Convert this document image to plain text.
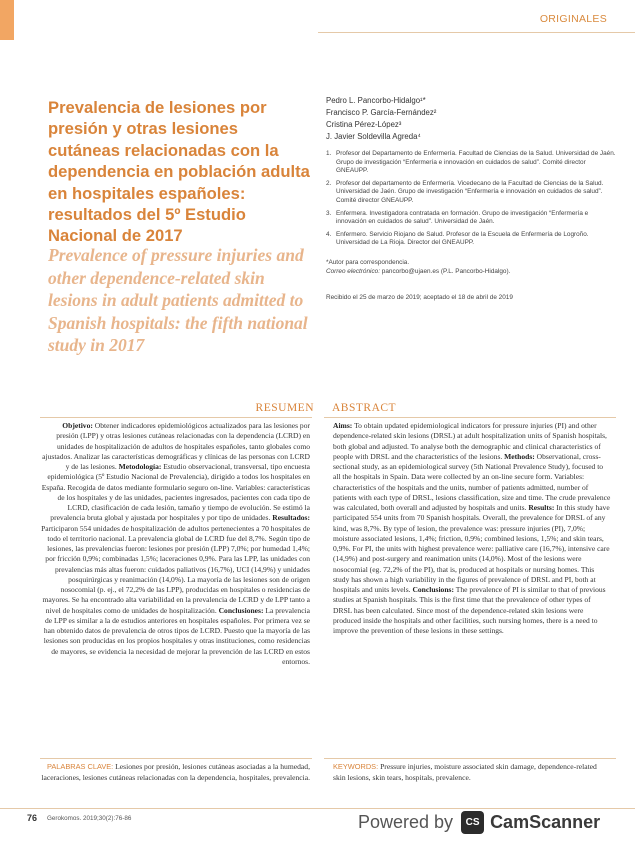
ORIGINALES
Prevalencia de lesiones por presión y otras lesiones cutáneas relacionadas con la dependencia en población adulta en hospitales españoles: resultados del 5º Estudio Nacional de 2017
Prevalence of pressure injuries and other dependence-related skin lesions in adult patients admitted to Spanish hospitals: the fifth national study in 2017
Pedro L. Pancorbo-Hidalgo¹*
Francisco P. García-Fernández²
Cristina Pérez-López³
J. Javier Soldevilla Agreda⁴
1. Profesor del Departamento de Enfermería. Facultad de Ciencias de la Salud. Universidad de Jaén. Grupo de investigación “Enfermería e innovación en cuidados de salud”. Comité director GNEAUPP.
2. Profesor del departamento de Enfermería. Vicedecano de la Facultad de Ciencias de la Salud. Universidad de Jaén. Grupo de investigación “Enfermería e innovación en cuidados de salud”. Comité director GNEAUPP.
3. Enfermera. Investigadora contratada en formación. Grupo de investigación “Enfermería e innovación en cuidados de salud”. Universidad de Jaén.
4. Enfermero. Servicio Riojano de Salud. Profesor de la Escuela de Enfermería de Logroño. Universidad de La Rioja. Director del GNEAUPP.
*Autor para correspondencia.
Correo electrónico: pancorbo@ujaen.es (P.L. Pancorbo-Hidalgo).
Recibido el 25 de marzo de 2019; aceptado el 18 de abril de 2019
RESUMEN ABSTRACT

Objetivo: Obtener indicadores epidemiológicos actualizados para las lesiones por presión (LPP) y otras lesiones cutáneas relacionadas con la dependencia (LCRD) en unidades de hospitalización de adultos de hospitales españoles, tanto globales como ajustados. Analizar las características demográficas y clínicas de las personas con LCRD y de las lesiones. Metodología: Estudio observacional, transversal, tipo encuesta epidemiológica (5º Estudio Nacional de Prevalencia), dirigido a todos los hospitales en España. Recogida de datos mediante formulario seguro on-line. Variables: características de los hospitales y de las unidades, pacientes ingresados, pacientes con cada tipo de LCRD, clasificación de cada lesión, tamaño y tiempo de evolución. Se estimó la prevalencia bruta global y ajustada por hospitales y por tipo de unidades. Resultados: Participaron 554 unidades de hospitalización de adultos pertenecientes a 70 hospitales de todo el territorio nacional. La prevalencia global de LCRD fue del 8,7%. Según tipo de lesiones, las prevalencias fueron: lesiones por presión (LPP) 7,0%; por humedad 1,4%; por fricción 0,9%; combinadas 1,5%; laceraciones 0,9%. Para las LPP, las unidades con prevalencias más altas fueron: cuidados paliativos (16,7%), UCI (14,9%) y unidades posquirúrgicas y reanimación (14,0%). La mayoría de las lesiones son de origen nosocomial (p. ej., el 72,2% de las LPP), producidas en hospitales o residencias de mayores. Se ha encontrado alta variabilidad en la prevalencia de LCRD y de LPP tanto a nivel de hospitales como de unidades de hospitalización. Conclusiones: La prevalencia de LPP es similar a la de estudios anteriores en hospitales españoles. Por primera vez se han obtenido datos de prevalencia de otros tipos de LCRD. Puesto que la mayoría de las lesiones son producidas en los propios hospitales y otras instituciones, como residencias de mayores, se evidencia la necesidad de mejorar la prevención de las LCRD en estos entornos.

Aims: To obtain updated epidemiological indicators for pressure injuries (PI) and other dependence-related skin lesions (DRSL) at adult hospitalization units of Spanish hospitals, both global and adjusted. To analyse both the demographic and clinical characteristics of people with DRSL and the characteristics of the lesions. Methods: Observational, cross-sectional study, as an epidemiological survey (5th National Prevalence Study), focused to all the hospitals in Spain. Data were collected by an on-line secure form. Variables: characteristics of the hospitals and the units, number of patients admitted, number of patients with each type of DRSL, lesions classification, size and time. The crude prevalence was calculated, both overall and adjusted by hospitals and units. Results: In this study have participated 554 units from 70 Spanish hospitals. Overall, the prevalence for DRSL of any kind, was 8,7%. By type of lesion, the prevalence was: pressure injuries (PI), 7,0%; moisture associated lesions, 1,4%; friction, 0,9%; combined lesions, 1,5%; and skin tears, 0,9%. For PI, the units with highest prevalence were: palliative care (16,7%), intensive care (14,9%) and post-surgery and reanimation units (14,0%). Most of the lesions were nosocomial (eg. 72,2% of the PI), that is, produced at hospitals or nursing homes. This study has shown a high variability in the figures of prevalence of DRSL and PI, both at hospitals and units levels. Conclusions: The prevalence of PI is similar to that of previous studies at Spanish hospitals. This is the first time that the prevalence of other types of DRSL has been calculated. Since most of the dependence-related skin lesions were produced inside the hospitals and other facilities, such nursing homes, there is a need to improve the prevention of these lesions in these settings.

PALABRAS CLAVE: Lesiones por presión, lesiones cutáneas asociadas a la humedad, laceraciones, lesiones cutáneas relacionadas con la dependencia, hospitales, prevalencia.
KEYWORDS: Pressure injuries, moisture associated skin damage, dependence-related skin lesions, skin tears, hospitals, prevalence.
76 Gerokomos. 2019;30(2):76-86	Powered by CS CamScanner
